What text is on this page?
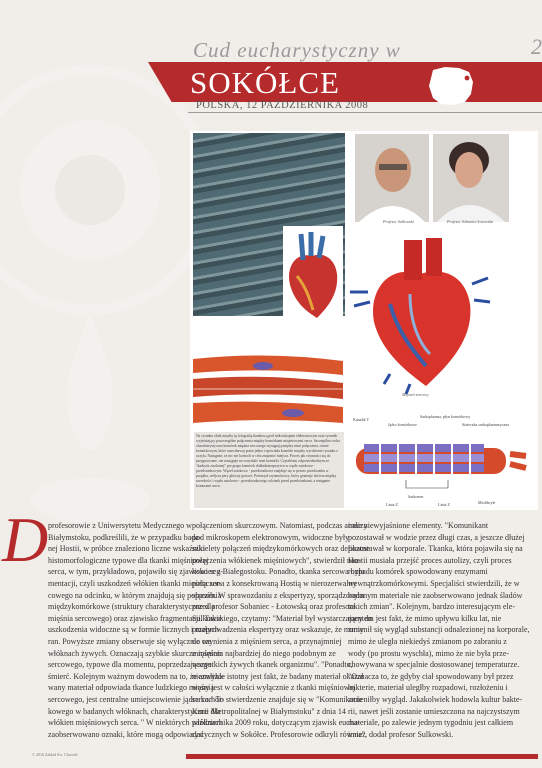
Cud eucharystyczny w	2
SOKÓŁCE
POLSKA, 12 PAŹDZIERNIKA 2008
Na rysunku obok między tę fotografię tkankową pod mikroskopem elektronowym oraz rysunek wyjaśniający poszczególne połączenia między komórkami mięśniowymi serca. Szczególna cecha charakterystyczna komórek mięśnia sercowego występują między nimi połączenia, rosnie komórkowym, które nazwibawuj przez jedna i opowiada komórki między wyrobienie rysunku z uczyla. Następnie, że nic nie kontroli w celu znajomić miejsca. Proces jak czynności się do przygotowane, nie następuje na wszystkie inne komórki. Czytaliśmy odpowiedzialnym za “kadrysk ziszlomej” pre grupa komórek dokładniereprzytvn w węzłe zatokowe - przedsionkowym. Węzeł zatokowo - przedsionkowe znajduje się w pewno przedsionku w prządku, weljcza pery główny gotowe. Potencjał czynnościowy, który generuje dociera między szerokości i węzła zatokowo - przedsionkowego odcinek przed przedsionkami, a następnie komorami serca.
Profesor Sulkowski	Profesor Sobaniec-Łotowska
Mięsień sercowy
Kanalik T
Jądro komórkowe
Sarkoplazma, płyn komórkowy
Siateczka sarkoplazmatyczna
Sarkomer
Linia Z	Linia Z	Miofibryle
D profesorowie z Uniwersytetu Medycznego w
Białymstoku, podkreślili, że w przypadku bada-
nej Hostii, w próbce znaleziono liczne wskaźniki
histomorfologiczne typowe dla tkanki mięśniowej
serca, w tym, przykładowo, pojawiło się zjawisko seg-
mentacji, czyli uszkodzeń włókien tkanki mięśnia ser-
cowego na odcinku, w którym znajdują się połączenia
międzykomórkowe (struktury charakterystyczne dla
mięśnia sercowego) oraz zjawisko fragmentacji. Takie
uszkodzenia widoczne są w formie licznych i małych
ran. Powyższe zmiany obserwuje się wyłącznie we
włóknach żywych. Oznaczają szybkie skurcze mięśnia
sercowego, typowe dla momentu, poprzedzającego
śmierć. Kolejnym ważnym dowodem na to, że analizo-
wany materiał odpowiada tkance ludzkiego mięśnia
sercowego, jest centralne umiejscowienie jądra komór-
kowego w badanych włóknach, charakterystyczne dla
włókien mięśniowych serca. " W niektórych włóknach
zaobserwowano oznaki, które mogą odpowiadać
połączeniom skurczowym. Natomiast, podczas analizy
pod mikroskopem elektronowym, widoczne były
szkielety połączeń międzykomórkowych oraz delikatne
połączenia włókienek mięśniowych", stwierdził nau-
kowiec z Białegostoku. Ponadto, tkanka sercowa była
połączona z konsekrowaną Hostią w nierozerwalny
sposób. W sprawozdaniu z ekspertyzy, sporządzonym
przez profesor Sobaniec - Łotowską oraz profesora
Sulkowskiego, czytamy: "Materiał był wystarczający do
przeprowadzenia ekspertyzy oraz wskazuje, że mamy
do czynienia z mięśniem serca, a przynajmniej
mięśniem najbardziej do niego podobnym ze
wszystkich żywych tkanek organizmu". "Ponadto,
niezwykle istotny jest fakt, że badany materiał okazał
wany jest w całości wyłącznie z tkanki mięśniowej
serca." To stwierdzenie znajduje się w "Komunikacie
Kurii Metropolitalnej w Białymstoku" z dnia 14
października 2009 roku, dotyczącym zjawisk eucha-
rystycznych w Sokółce. Profesorowie odkryli również
inne niewyjaśnione elementy. "Komunikant
pozostawał w wodzie przez długi czas, a jeszcze dłużej
pozostawał w korporale. Tkanka, która pojawiła się na
Hostii musiała przejść proces autolizy, czyli proces
rozpadu komórek spowodowany enzymami
wewnątrzkomórkowymi. Specjaliści stwierdzili, że w
badanym materiale nie zaobserwowano jednak śladów
takich zmian". Kolejnym, bardzo interesującym ele-
mentem jest fakt, że mimo upływu kilku lat, nie
zmienił się wygląd substancji odnalezionej na korporale,
mimo że uległa niekiedyś zmianom po zabraniu z
wody (po prostu wyschła), mimo że nie była prze-
chowywana w specjalnie dostosowanej temperaturze.
"Oznacza to, że gdyby ciał spowodowany był przez
bakterie, materiał uległby rozpadowi, rozłożeniu i
zmieniłby wygląd. Jakakolwiek hodowla kultur bakte-
rii, nawet jeśli zostanie umieszczona na najczystszym
materiale, po zalewie jednym tygodniu jest całkiem
inna", dodał profesor Sulkowski.
© 2016 Zakład Sw. Chrzciel
